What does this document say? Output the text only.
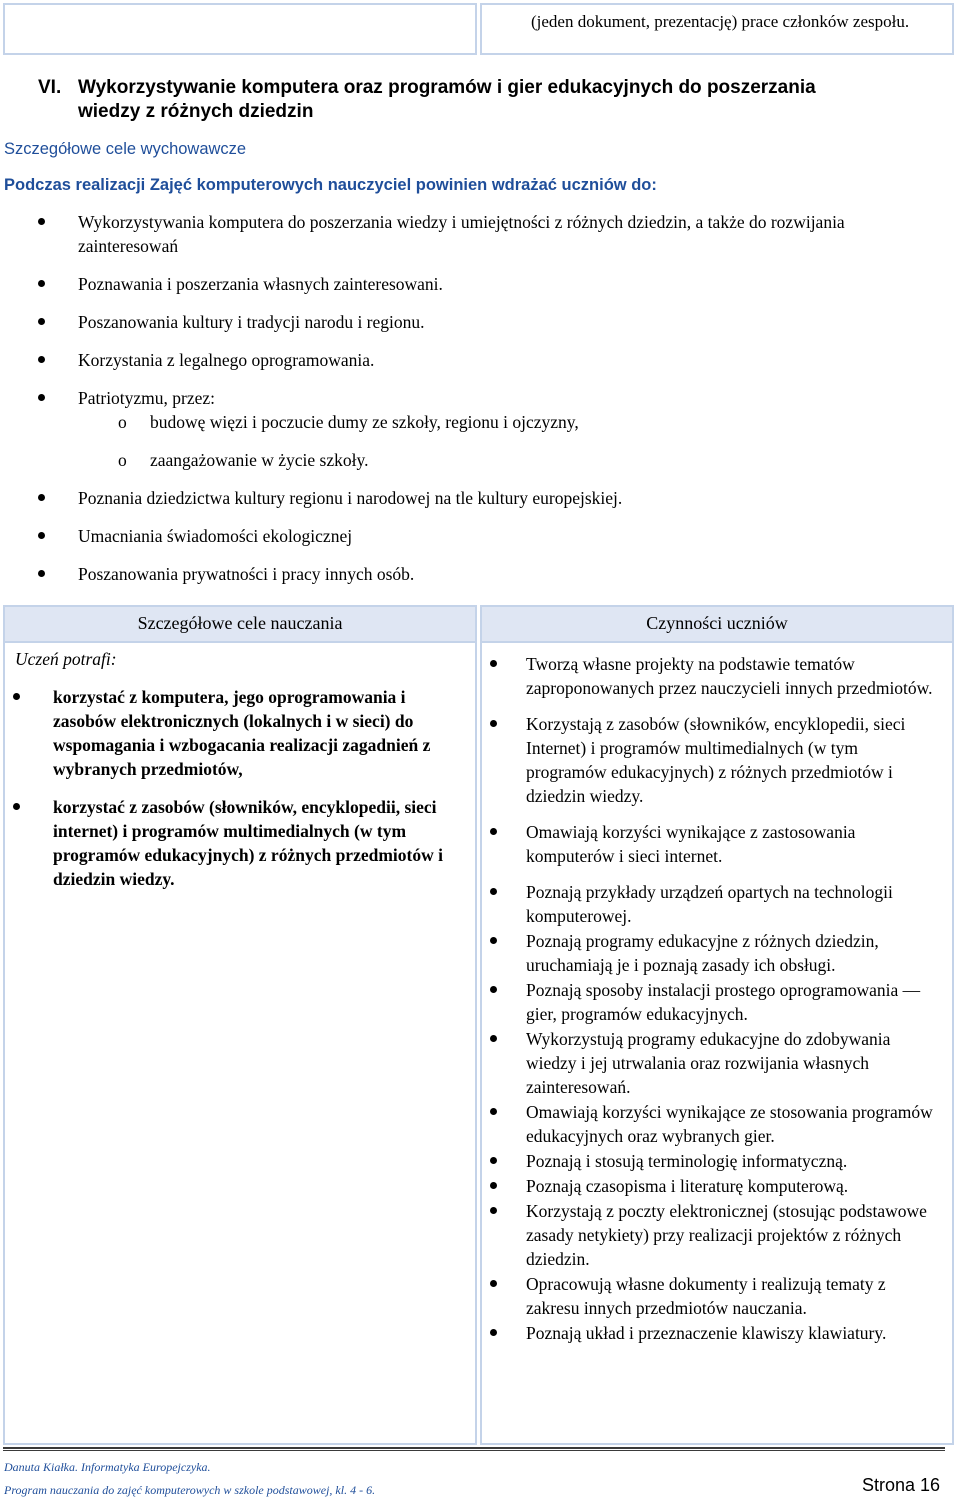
(jeden dokument, prezentację) prace członków zespołu.
VI. Wykorzystywanie komputera oraz programów i gier edukacyjnych do poszerzania
wiedzy z różnych dziedzin
Szczegółowe cele wychowawcze
Podczas realizacji Zajęć komputerowych nauczyciel powinien wdrażać uczniów do:
Wykorzystywania komputera do poszerzania wiedzy i umiejętności z różnych dziedzin, a także do rozwijania zainteresowań
Poznawania i poszerzania własnych zainteresowani.
Poszanowania kultury i tradycji narodu i regionu.
Korzystania z legalnego oprogramowania.
Patriotyzmu, przez:
o budowę więzi i poczucie dumy ze szkoły, regionu i ojczyzny,
o zaangażowanie w życie szkoły.
Poznania dziedzictwa kultury regionu i narodowej na tle kultury europejskiej.
Umacniania świadomości ekologicznej
Poszanowania prywatności i pracy innych osób.
Szczegółowe cele nauczania	Czynności uczniów
Uczeń potrafi:
korzystać z komputera, jego oprogramowania i zasobów elektronicznych (lokalnych i w sieci) do wspomagania i wzbogacania realizacji zagadnień z wybranych przedmiotów,
korzystać z zasobów (słowników, encyklopedii, sieci internet) i programów multimedialnych (w tym programów edukacyjnych) z różnych przedmiotów i dziedzin wiedzy.
Tworzą własne projekty na podstawie tematów zaproponowanych przez nauczycieli innych przedmiotów.
Korzystają z zasobów (słowników, encyklopedii, sieci Internet) i programów multimedialnych (w tym programów edukacyjnych) z różnych przedmiotów i dziedzin wiedzy.
Omawiają korzyści wynikające z zastosowania komputerów i sieci internet.
Poznają przykłady urządzeń opartych na technologii komputerowej.
Poznają programy edukacyjne z różnych dziedzin, uruchamiają je i poznają zasady ich obsługi.
Poznają sposoby instalacji prostego oprogramowania — gier, programów edukacyjnych.
Wykorzystują programy edukacyjne do zdobywania wiedzy i jej utrwalania oraz rozwijania własnych zainteresowań.
Omawiają korzyści wynikające ze stosowania programów edukacyjnych oraz wybranych gier.
Poznają i stosują terminologię informatyczną.
Poznają czasopisma i literaturę komputerową.
Korzystają z poczty elektronicznej (stosując podstawowe zasady netykiety) przy realizacji projektów z różnych dziedzin.
Opracowują własne dokumenty i realizują tematy z zakresu innych przedmiotów nauczania.
Poznają układ i przeznaczenie klawiszy klawiatury.
Danuta Kiałka. Informatyka Europejczyka.
Program nauczania do zajęć komputerowych w szkole podstawowej, kl. 4 - 6.	Strona 16
